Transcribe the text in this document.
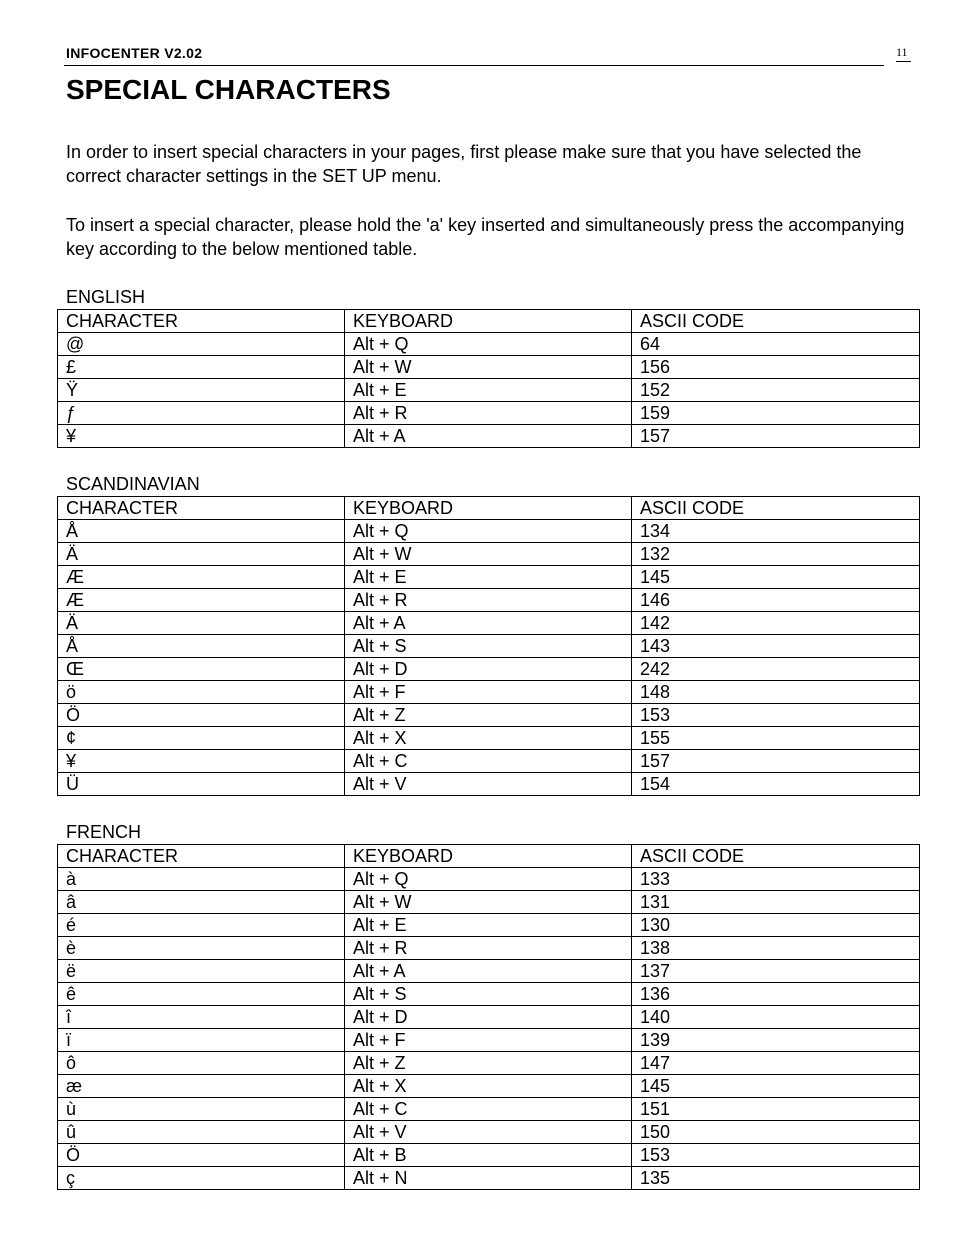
INFOCENTER V2.02	11
SPECIAL CHARACTERS

In order to insert special characters in your pages, first please make sure that you have selected the correct character settings in the SET UP menu.

To insert a special character, please hold the 'a' key inserted and simultaneously press the accompanying key according to the below mentioned table.

ENGLISH
CHARACTER	KEYBOARD	ASCII CODE
@	Alt + Q	64
£	Alt + W	156
Ÿ	Alt + E	152
ƒ	Alt + R	159
¥	Alt + A	157
SCANDINAVIAN
CHARACTER	KEYBOARD	ASCII CODE
Å	Alt + Q	134
Ä	Alt + W	132
Æ	Alt + E	145
Æ	Alt + R	146
Ä	Alt + A	142
Å	Alt + S	143
Œ	Alt + D	242
ö	Alt + F	148
Ö	Alt + Z	153
¢	Alt + X	155
¥	Alt + C	157
Ü	Alt + V	154
FRENCH
CHARACTER	KEYBOARD	ASCII CODE
à	Alt + Q	133
â	Alt + W	131
é	Alt + E	130
è	Alt + R	138
ë	Alt + A	137
ê	Alt + S	136
î	Alt + D	140
ï	Alt + F	139
ô	Alt + Z	147
æ	Alt + X	145
ù	Alt + C	151
û	Alt + V	150
Ö	Alt + B	153
ç	Alt + N	135
